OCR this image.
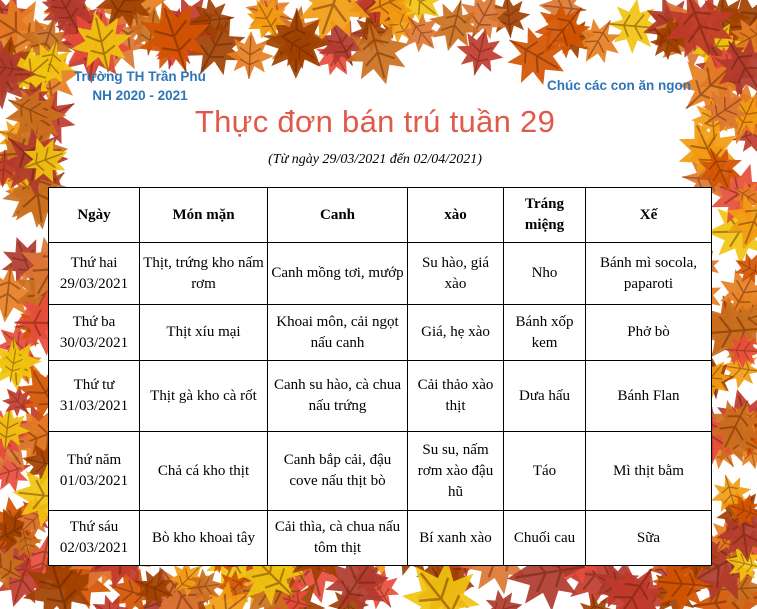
Trường TH Trần Phú
NH 2020 - 2021
Chúc các con ăn ngon
Thực đơn bán trú tuần 29
(Từ ngày 29/03/2021 đến 02/04/2021)
Ngày	Món mặn	Canh	xào	Tráng miệng	Xế

Thứ hai
29/03/2021	Thịt, trứng kho nấm rơm	Canh mồng tơi, mướp	Su hào, giá xào	Nho	Bánh mì socola, paparoti

Thứ ba
30/03/2021	Thịt xíu mại	Khoai môn, cải ngọt nấu canh	Giá, hẹ xào	Bánh xốp kem	Phở bò

Thứ tư
31/03/2021	Thịt gà kho cà rốt	Canh su hào, cà chua nấu trứng	Cải thảo xào thịt	Dưa hấu	Bánh Flan

Thứ năm
01/03/2021	Chả cá kho thịt	Canh bắp cải, đậu cove nấu thịt bò	Su su, nấm rơm xào đậu hũ	Táo	Mì thịt bằm

Thứ sáu
02/03/2021	Bò kho khoai tây	Cải thìa, cà chua nấu tôm thịt	Bí xanh xào	Chuối cau	Sữa
